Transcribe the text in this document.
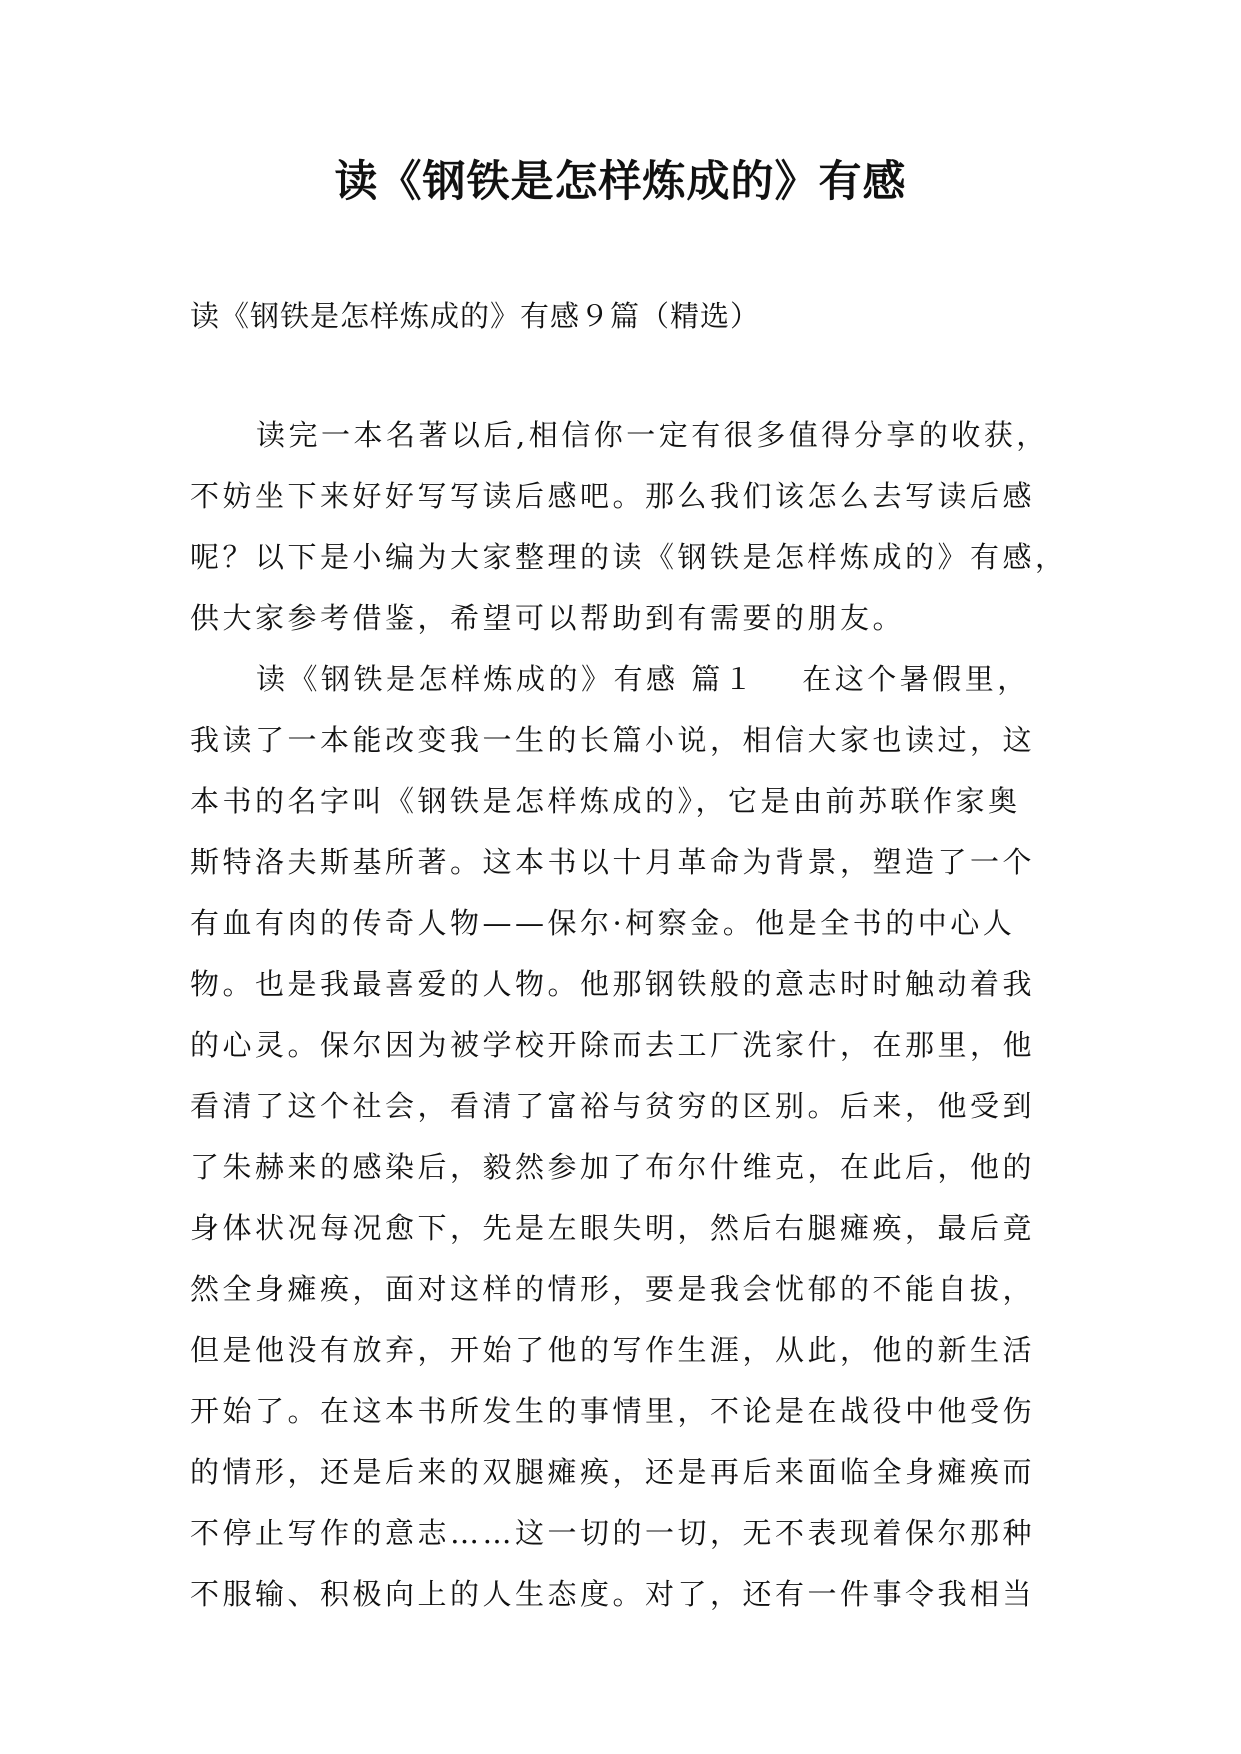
读《钢铁是怎样炼成的》有感

读《钢铁是怎样炼成的》有感９篇（精选）

读完一本名著以后,相信你一定有很多值得分享的收获，
不妨坐下来好好写写读后感吧。那么我们该怎么去写读后感
呢？以下是小编为大家整理的读《钢铁是怎样炼成的》有感，
供大家参考借鉴，希望可以帮助到有需要的朋友。

读《钢铁是怎样炼成的》有感 篇１ 在这个暑假里，
我读了一本能改变我一生的长篇小说，相信大家也读过，这
本书的名字叫《钢铁是怎样炼成的》，它是由前苏联作家奥
斯特洛夫斯基所著。这本书以十月革命为背景，塑造了一个
有血有肉的传奇人物——保尔·柯察金。他是全书的中心人
物。也是我最喜爱的人物。他那钢铁般的意志时时触动着我
的心灵。保尔因为被学校开除而去工厂洗家什，在那里，他
看清了这个社会，看清了富裕与贫穷的区别。后来，他受到
了朱赫来的感染后，毅然参加了布尔什维克，在此后，他的
身体状况每况愈下，先是左眼失明，然后右腿瘫痪，最后竟
然全身瘫痪，面对这样的情形，要是我会忧郁的不能自拔，
但是他没有放弃，开始了他的写作生涯，从此，他的新生活
开始了。在这本书所发生的事情里，不论是在战役中他受伤
的情形，还是后来的双腿瘫痪，还是再后来面临全身瘫痪而
不停止写作的意志……这一切的一切，无不表现着保尔那种
不服输、积极向上的人生态度。对了，还有一件事令我相当
